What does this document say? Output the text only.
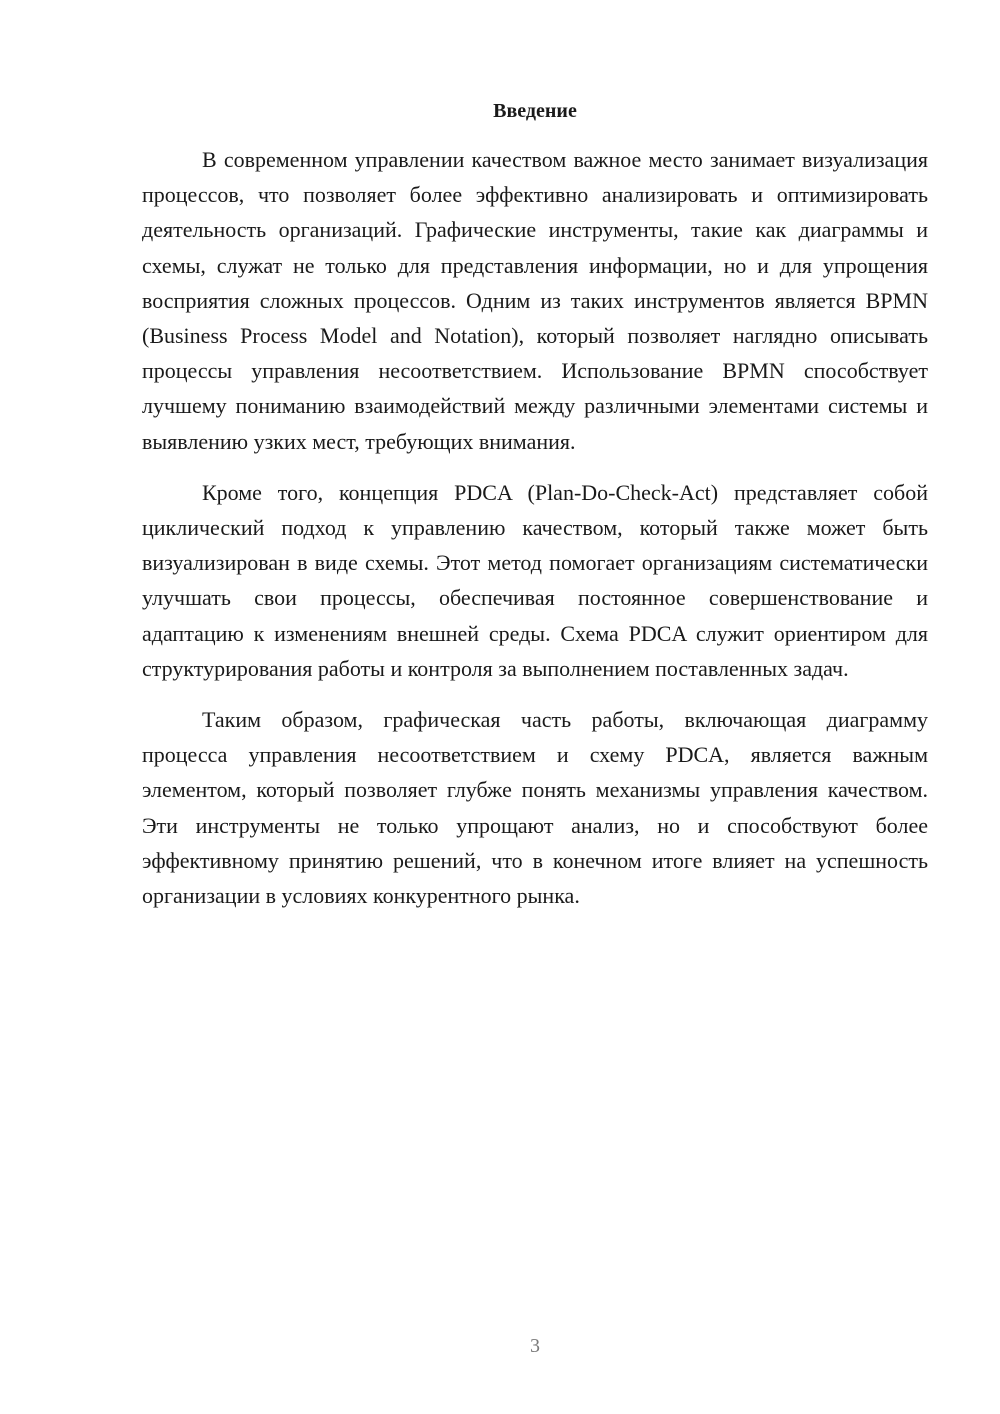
Введение

В современном управлении качеством важное место занимает визуализация процессов, что позволяет более эффективно анализировать и оптимизировать деятельность организаций. Графические инструменты, такие как диаграммы и схемы, служат не только для представления информации, но и для упрощения восприятия сложных процессов. Одним из таких инструментов является BPMN (Business Process Model and Notation), который позволяет наглядно описывать процессы управления несоответствием. Использование BPMN способствует лучшему пониманию взаимодействий между различными элементами системы и выявлению узких мест, требующих внимания.

Кроме того, концепция PDCA (Plan-Do-Check-Act) представляет собой циклический подход к управлению качеством, который также может быть визуализирован в виде схемы. Этот метод помогает организациям систематически улучшать свои процессы, обеспечивая постоянное совершенствование и адаптацию к изменениям внешней среды. Схема PDCA служит ориентиром для структурирования работы и контроля за выполнением поставленных задач.

Таким образом, графическая часть работы, включающая диаграмму процесса управления несоответствием и схему PDCA, является важным элементом, который позволяет глубже понять механизмы управления качеством. Эти инструменты не только упрощают анализ, но и способствуют более эффективному принятию решений, что в конечном итоге влияет на успешность организации в условиях конкурентного рынка.

3
